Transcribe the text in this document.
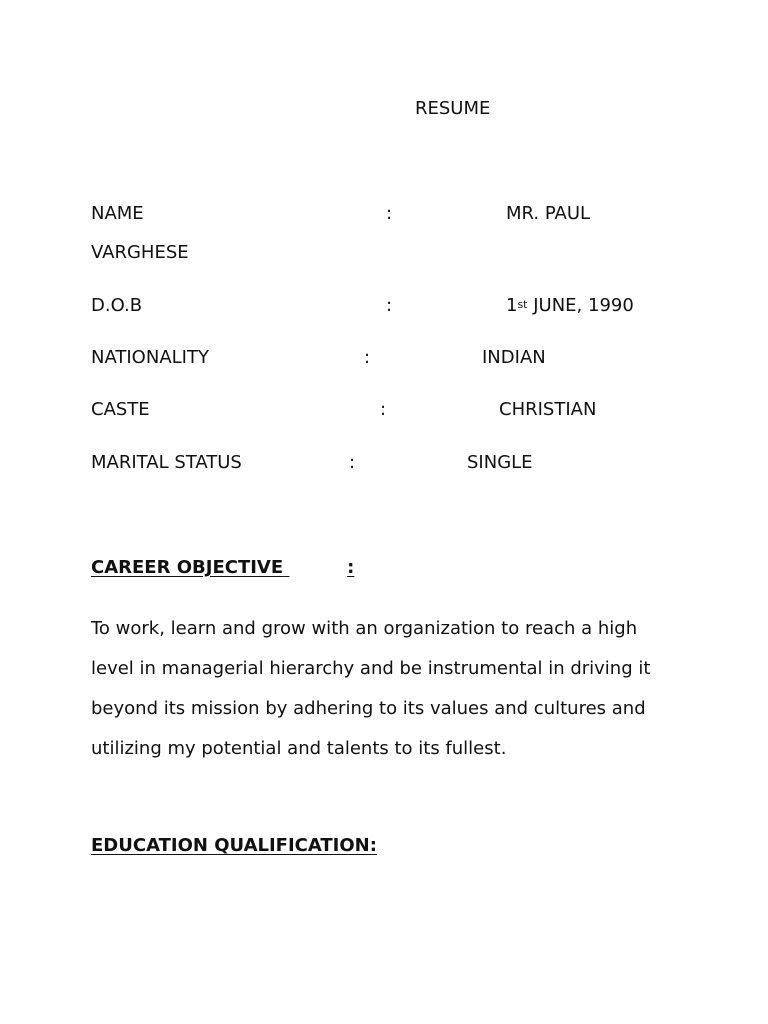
RESUME

NAME	:	MR. PAUL

VARGHESE

D.O.B	:	1st JUNE, 1990

NATIONALITY	:	INDIAN

CASTE	:	CHRISTIAN

MARITAL STATUS	:	SINGLE

CAREER OBJECTIVE	:

To work, learn and grow with an organization to reach a high level in managerial hierarchy and be instrumental in driving it beyond its mission by adhering to its values and cultures and utilizing my potential and talents to its fullest.

EDUCATION QUALIFICATION:
